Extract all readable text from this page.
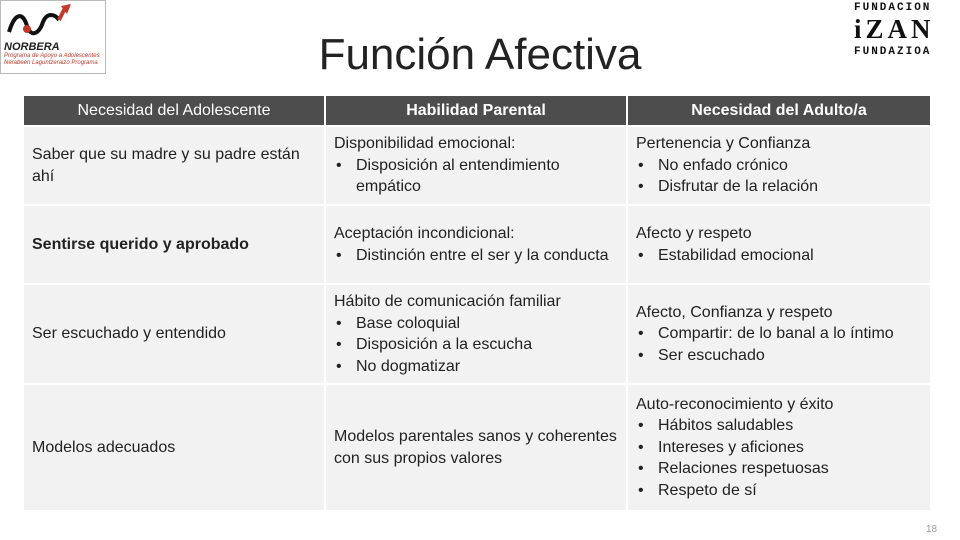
NORBERA
Programa de Apoyo a Adolescentes Nerabeen Laguntzeraizo Programa
FUNDACION
iZAN
FUNDAZIOA
Función Afectiva
Necesidad del Adolescente	Habilidad Parental	Necesidad del Adulto/a
Saber que su madre y su padre están ahí
Disponibilidad emocional:
• Disposición al entendimiento empático
Pertenencia y Confianza
• No enfado crónico
• Disfrutar de la relación
Sentirse querido y aprobado
Aceptación incondicional:
• Distinción entre el ser y la conducta
Afecto y respeto
• Estabilidad emocional
Ser escuchado y entendido
Hábito de comunicación familiar
• Base coloquial
• Disposición a la escucha
• No dogmatizar
Afecto, Confianza y respeto
• Compartir: de lo banal a lo íntimo
• Ser escuchado
Modelos adecuados
Modelos parentales sanos y coherentes con sus propios valores
Auto-reconocimiento y éxito
• Hábitos saludables
• Intereses y aficiones
• Relaciones respetuosas
• Respeto de sí
18
